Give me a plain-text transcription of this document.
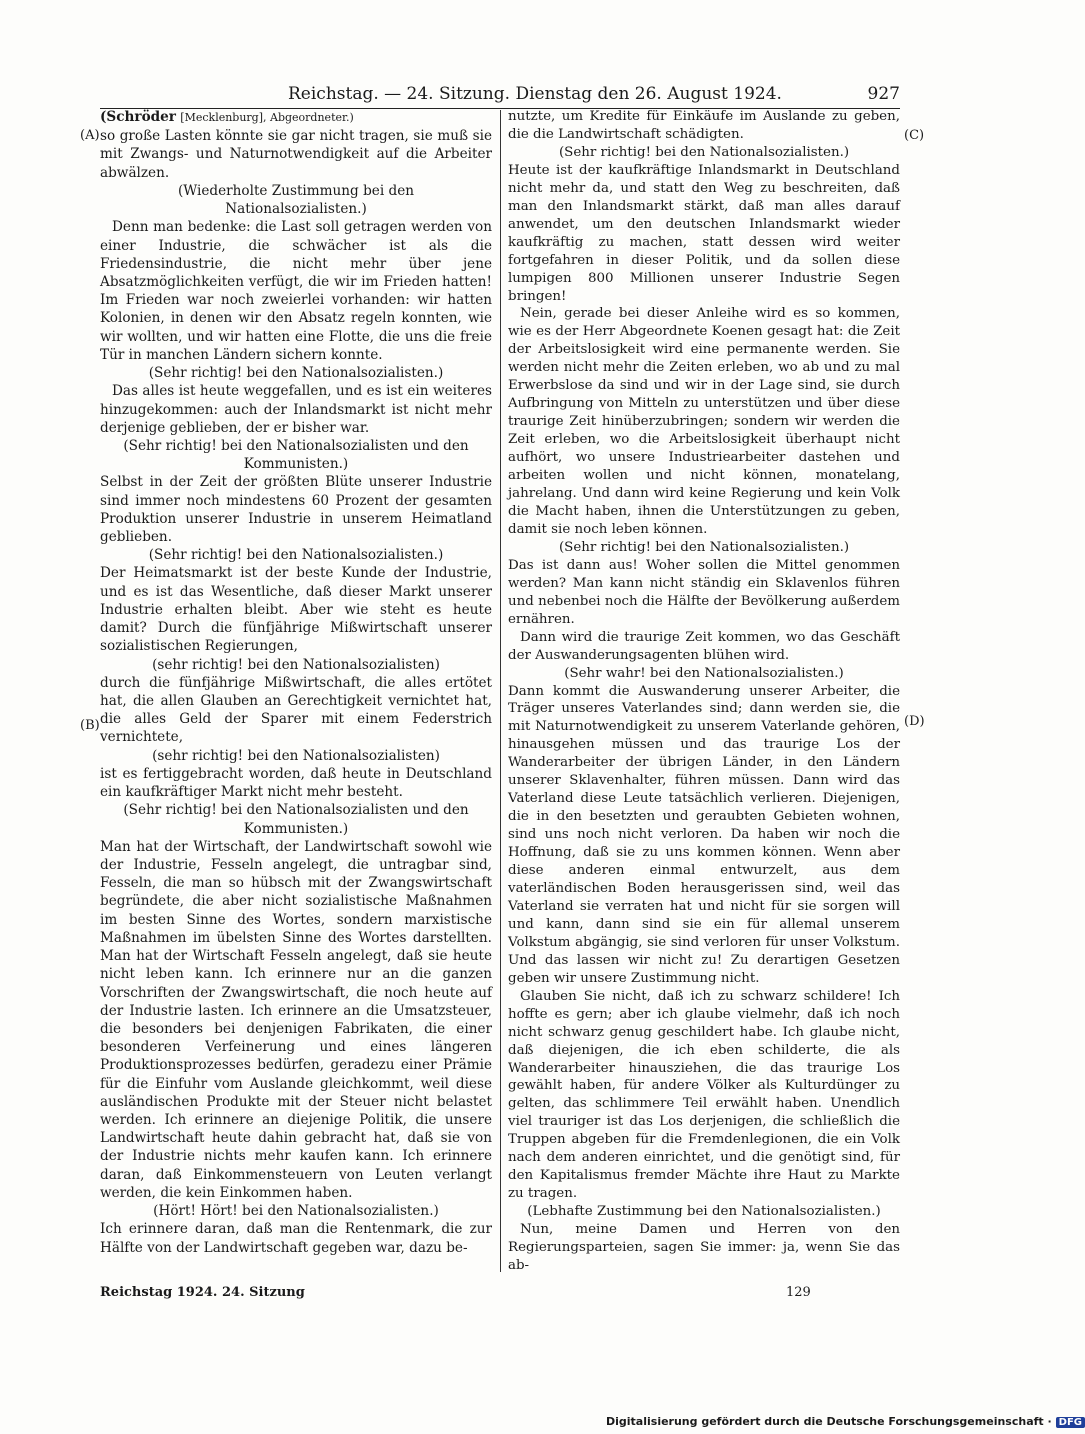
Reichstag. — 24. Sitzung. Dienstag den 26. August 1924.	927

(Schröder [Mecklenburg], Abgeordneter.)

so große Lasten könnte sie gar nicht tragen, sie muß sie mit Zwangs- und Naturnotwendigkeit auf die Arbeiter abwälzen.

(Wiederholte Zustimmung bei den Nationalsozialisten.)

Denn man bedenke: die Last soll getragen werden von einer Industrie, die schwächer ist als die Friedensindustrie, die nicht mehr über jene Absatzmöglichkeiten verfügt, die wir im Frieden hatten! Im Frieden war noch zweierlei vorhanden: wir hatten Kolonien, in denen wir den Absatz regeln konnten, wie wir wollten, und wir hatten eine Flotte, die uns die freie Tür in manchen Ländern sichern konnte.

(Sehr richtig! bei den Nationalsozialisten.)

Das alles ist heute weggefallen, und es ist ein weiteres hinzugekommen: auch der Inlandsmarkt ist nicht mehr derjenige geblieben, der er bisher war.

(Sehr richtig! bei den Nationalsozialisten und den Kommunisten.)

Selbst in der Zeit der größten Blüte unserer Industrie sind immer noch mindestens 60 Prozent der gesamten Produktion unserer Industrie in unserem Heimatland geblieben.

(Sehr richtig! bei den Nationalsozialisten.)

Der Heimatsmarkt ist der beste Kunde der Industrie, und es ist das Wesentliche, daß dieser Markt unserer Industrie erhalten bleibt. Aber wie steht es heute damit? Durch die fünfjährige Mißwirtschaft unserer sozialistischen Regierungen,

(sehr richtig! bei den Nationalsozialisten)

durch die fünfjährige Mißwirtschaft, die alles ertötet hat, die allen Glauben an Gerechtigkeit vernichtet hat, die alles Geld der Sparer mit einem Federstrich vernichtete,

(sehr richtig! bei den Nationalsozialisten)

ist es fertiggebracht worden, daß heute in Deutschland ein kaufkräftiger Markt nicht mehr besteht.

(Sehr richtig! bei den Nationalsozialisten und den Kommunisten.)

Man hat der Wirtschaft, der Landwirtschaft sowohl wie der Industrie, Fesseln angelegt, die untragbar sind, Fesseln, die man so hübsch mit der Zwangswirtschaft begründete, die aber nicht sozialistische Maßnahmen im besten Sinne des Wortes, sondern marxistische Maßnahmen im übelsten Sinne des Wortes darstellten. Man hat der Wirtschaft Fesseln angelegt, daß sie heute nicht leben kann. Ich erinnere nur an die ganzen Vorschriften der Zwangswirtschaft, die noch heute auf der Industrie lasten. Ich erinnere an die Umsatzsteuer, die besonders bei denjenigen Fabrikaten, die einer besonderen Verfeinerung und eines längeren Produktionsprozesses bedürfen, geradezu einer Prämie für die Einfuhr vom Auslande gleichkommt, weil diese ausländischen Produkte mit der Steuer nicht belastet werden. Ich erinnere an diejenige Politik, die unsere Landwirtschaft heute dahin gebracht hat, daß sie von der Industrie nichts mehr kaufen kann. Ich erinnere daran, daß Einkommensteuern von Leuten verlangt werden, die kein Einkommen haben.

(Hört! Hört! bei den Nationalsozialisten.)

Ich erinnere daran, daß man die Rentenmark, die zur Hälfte von der Landwirtschaft gegeben war, dazu be-

nutzte, um Kredite für Einkäufe im Auslande zu geben, die die Landwirtschaft schädigten.

(Sehr richtig! bei den Nationalsozialisten.)

Heute ist der kaufkräftige Inlandsmarkt in Deutschland nicht mehr da, und statt den Weg zu beschreiten, daß man den Inlandsmarkt stärkt, daß man alles darauf anwendet, um den deutschen Inlandsmarkt wieder kaufkräftig zu machen, statt dessen wird weiter fortgefahren in dieser Politik, und da sollen diese lumpigen 800 Millionen unserer Industrie Segen bringen!

Nein, gerade bei dieser Anleihe wird es so kommen, wie es der Herr Abgeordnete Koenen gesagt hat: die Zeit der Arbeitslosigkeit wird eine permanente werden. Sie werden nicht mehr die Zeiten erleben, wo ab und zu mal Erwerbslose da sind und wir in der Lage sind, sie durch Aufbringung von Mitteln zu unterstützen und über diese traurige Zeit hinüberzubringen; sondern wir werden die Zeit erleben, wo die Arbeitslosigkeit überhaupt nicht aufhört, wo unsere Industriearbeiter dastehen und arbeiten wollen und nicht können, monatelang, jahrelang. Und dann wird keine Regierung und kein Volk die Macht haben, ihnen die Unterstützungen zu geben, damit sie noch leben können.

(Sehr richtig! bei den Nationalsozialisten.)

Das ist dann aus! Woher sollen die Mittel genommen werden? Man kann nicht ständig ein Sklavenlos führen und nebenbei noch die Hälfte der Bevölkerung außerdem ernähren.

Dann wird die traurige Zeit kommen, wo das Geschäft der Auswanderungsagenten blühen wird.

(Sehr wahr! bei den Nationalsozialisten.)

Dann kommt die Auswanderung unserer Arbeiter, die Träger unseres Vaterlandes sind; dann werden sie, die mit Naturnotwendigkeit zu unserem Vaterlande gehören, hinausgehen müssen und das traurige Los der Wanderarbeiter der übrigen Länder, in den Ländern unserer Sklavenhalter, führen müssen. Dann wird das Vaterland diese Leute tatsächlich verlieren. Diejenigen, die in den besetzten und geraubten Gebieten wohnen, sind uns noch nicht verloren. Da haben wir noch die Hoffnung, daß sie zu uns kommen können. Wenn aber diese anderen einmal entwurzelt, aus dem vaterländischen Boden herausgerissen sind, weil das Vaterland sie verraten hat und nicht für sie sorgen will und kann, dann sind sie ein für allemal unserem Volkstum abgängig, sie sind verloren für unser Volkstum. Und das lassen wir nicht zu! Zu derartigen Gesetzen geben wir unsere Zustimmung nicht.

Glauben Sie nicht, daß ich zu schwarz schildere! Ich hoffte es gern; aber ich glaube vielmehr, daß ich noch nicht schwarz genug geschildert habe. Ich glaube nicht, daß diejenigen, die ich eben schilderte, die als Wanderarbeiter hinausziehen, die das traurige Los gewählt haben, für andere Völker als Kulturdünger zu gelten, das schlimmere Teil erwählt haben. Unendlich viel trauriger ist das Los derjenigen, die schließlich die Truppen abgeben für die Fremdenlegionen, die ein Volk nach dem anderen einrichtet, und die genötigt sind, für den Kapitalismus fremder Mächte ihre Haut zu Markte zu tragen.

(Lebhafte Zustimmung bei den Nationalsozialisten.)

Nun, meine Damen und Herren von den Regierungsparteien, sagen Sie immer: ja, wenn Sie das ab-

(A)
(B)
(C)
(D)
Reichstag 1924. 24. Sitzung	129
Digitalisierung gefördert durch die Deutsche Forschungsgemeinschaft · DFG
